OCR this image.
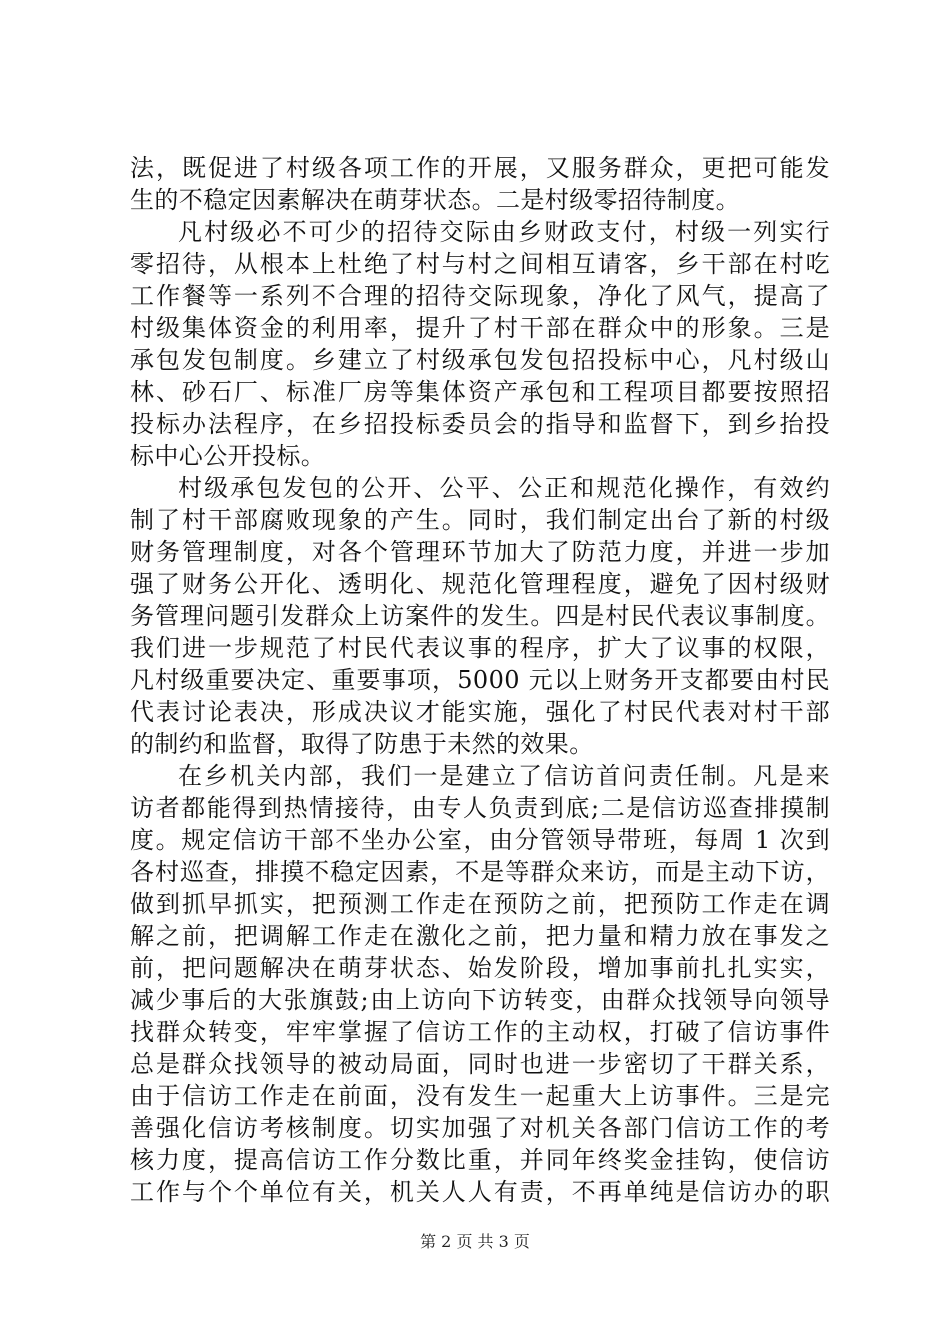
法，既促进了村级各项工作的开展，又服务群众，更把可能发
生的不稳定因素解决在萌芽状态。二是村级零招待制度。
凡村级必不可少的招待交际由乡财政支付，村级一列实行
零招待，从根本上杜绝了村与村之间相互请客，乡干部在村吃
工作餐等一系列不合理的招待交际现象，净化了风气，提高了
村级集体资金的利用率，提升了村干部在群众中的形象。三是
承包发包制度。乡建立了村级承包发包招投标中心，凡村级山
林、砂石厂、标准厂房等集体资产承包和工程项目都要按照招
投标办法程序，在乡招投标委员会的指导和监督下，到乡抬投
标中心公开投标。
村级承包发包的公开、公平、公正和规范化操作，有效约
制了村干部腐败现象的产生。同时，我们制定出台了新的村级
财务管理制度，对各个管理环节加大了防范力度，并进一步加
强了财务公开化、透明化、规范化管理程度，避免了因村级财
务管理问题引发群众上访案件的发生。四是村民代表议事制度。
我们进一步规范了村民代表议事的程序，扩大了议事的权限，
凡村级重要决定、重要事项，5000 元以上财务开支都要由村民
代表讨论表决，形成决议才能实施，强化了村民代表对村干部
的制约和监督，取得了防患于未然的效果。
在乡机关内部，我们一是建立了信访首问责任制。凡是来
访者都能得到热情接待，由专人负责到底;二是信访巡查排摸制
度。规定信访干部不坐办公室，由分管领导带班，每周 1 次到
各村巡查，排摸不稳定因素，不是等群众来访，而是主动下访，
做到抓早抓实，把预测工作走在预防之前，把预防工作走在调
解之前，把调解工作走在激化之前，把力量和精力放在事发之
前，把问题解决在萌芽状态、始发阶段，增加事前扎扎实实，
减少事后的大张旗鼓;由上访向下访转变，由群众找领导向领导
找群众转变，牢牢掌握了信访工作的主动权，打破了信访事件
总是群众找领导的被动局面，同时也进一步密切了干群关系，
由于信访工作走在前面，没有发生一起重大上访事件。三是完
善强化信访考核制度。切实加强了对机关各部门信访工作的考
核力度，提高信访工作分数比重，并同年终奖金挂钩，使信访
工作与个个单位有关，机关人人有责，不再单纯是信访办的职
第 2 页 共 3 页
